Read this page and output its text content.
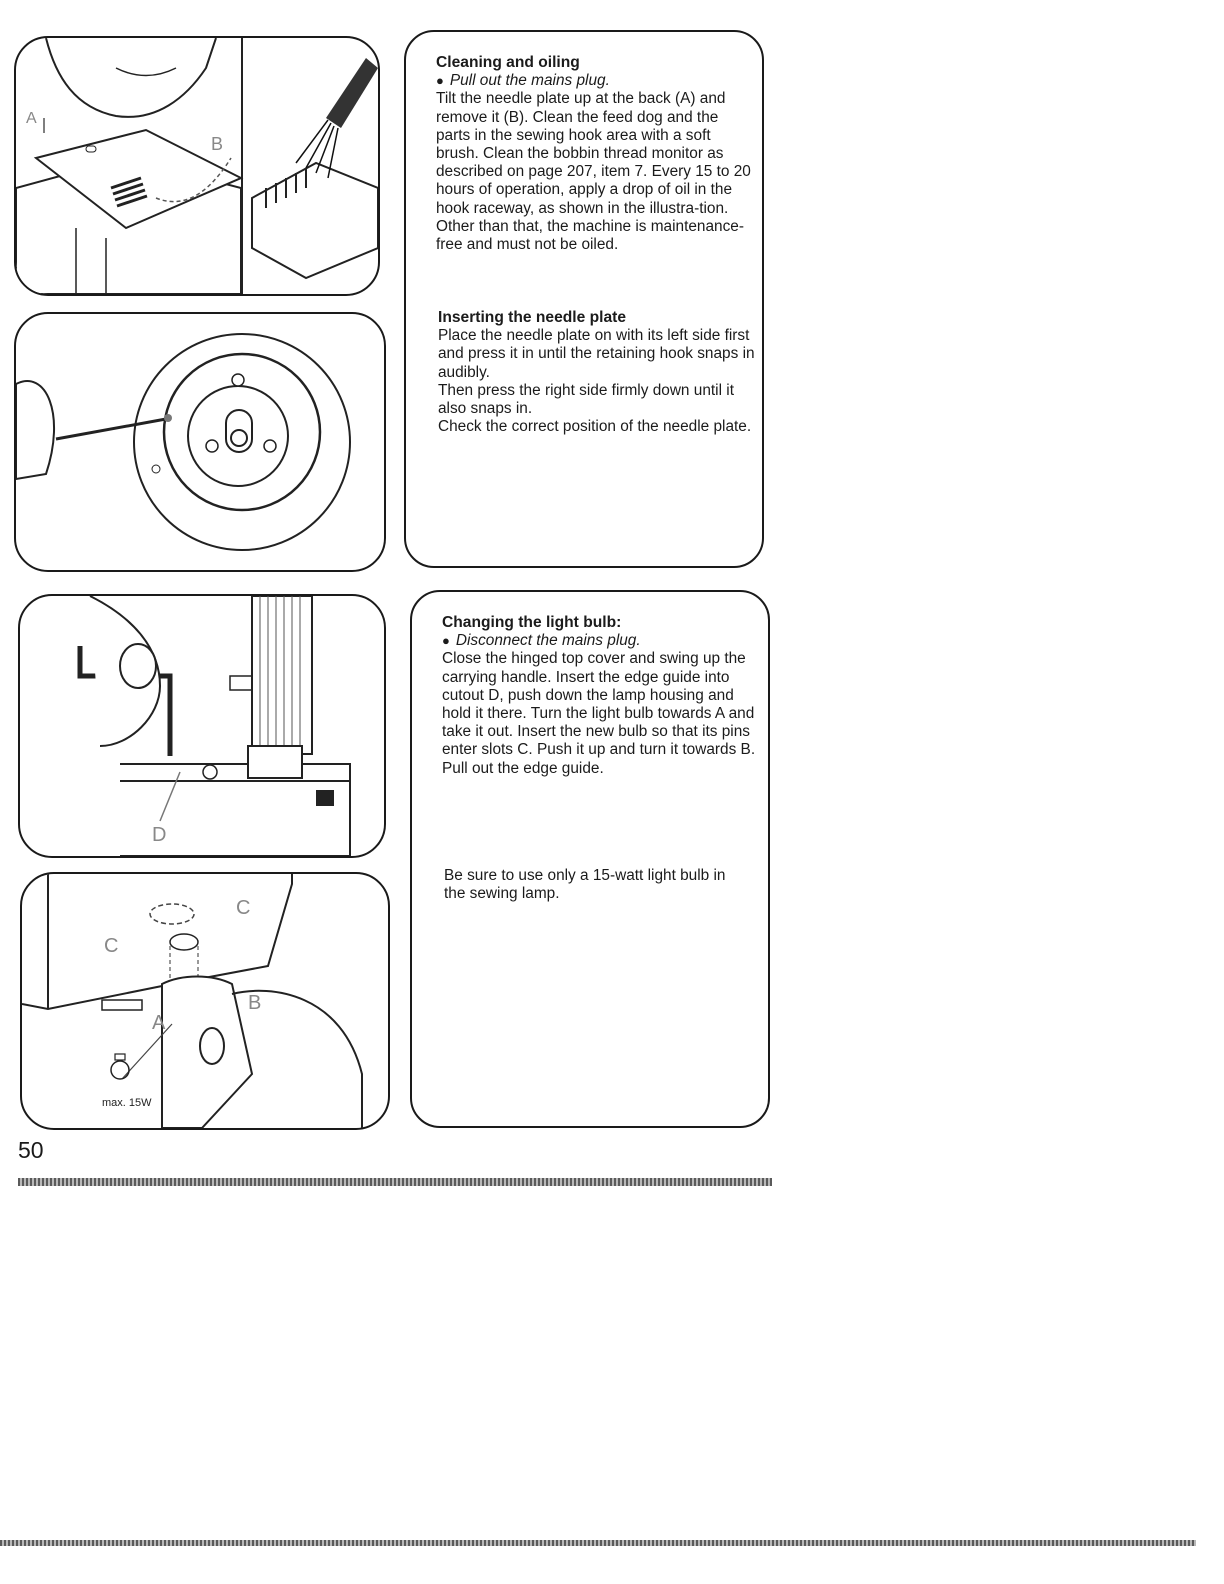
A
B
D
C
C
A
B
max. 15W
Cleaning and oiling

● Pull out the mains plug.

Tilt the needle plate up at the back (A) and remove it (B). Clean the feed dog and the parts in the sewing hook area with a soft brush. Clean the bobbin thread monitor as described on page 207, item 7. Every 15 to 20 hours of operation, apply a drop of oil in the hook raceway, as shown in the illustra-tion. Other than that, the machine is maintenance-free and must not be oiled.

Inserting the needle plate

Place the needle plate on with its left side first and press it in until the retaining hook snaps in audibly.

Then press the right side firmly down until it also snaps in.

Check the correct position of the needle plate.

Changing the light bulb:

● Disconnect the mains plug.

Close the hinged top cover and swing up the carrying handle. Insert the edge guide into cutout D, push down the lamp housing and hold it there. Turn the light bulb towards A and take it out. Insert the new bulb so that its pins enter slots C. Push it up and turn it towards B. Pull out the edge guide.

Be sure to use only a 15-watt light bulb in the sewing lamp.

50
